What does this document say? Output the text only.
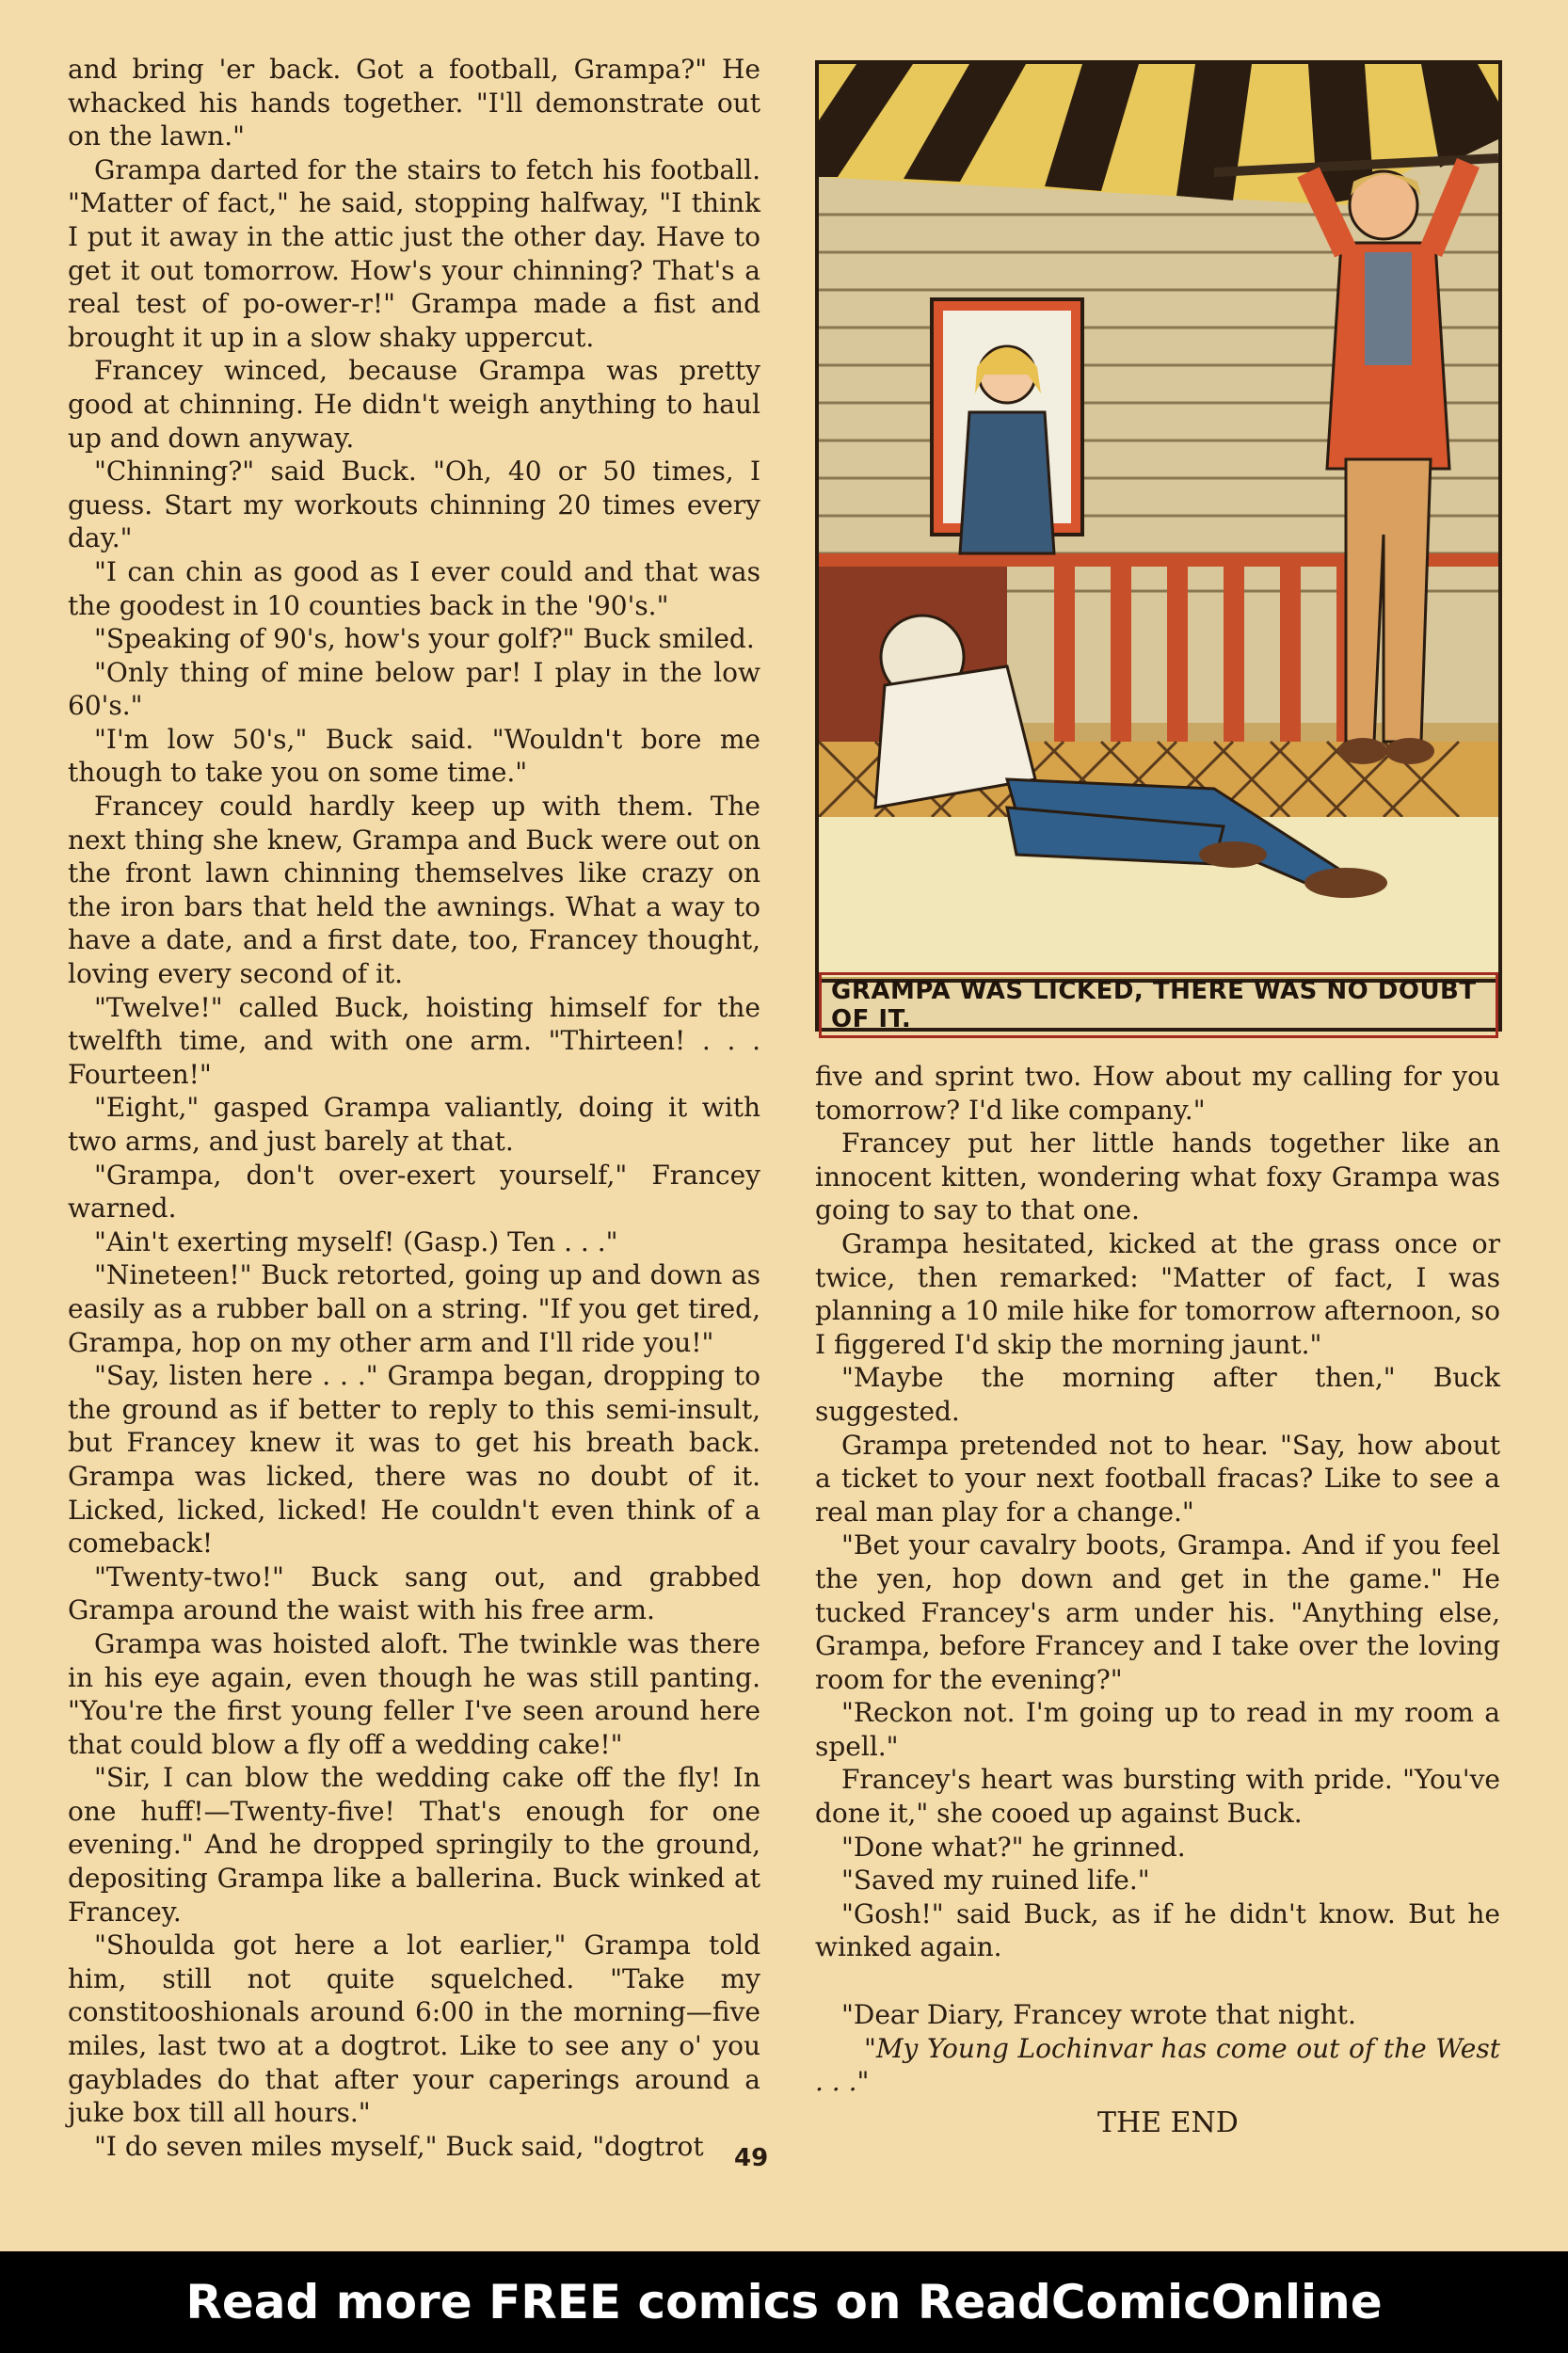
and bring 'er back. Got a football, Grampa?" He whacked his hands together. "I'll demonstrate out on the lawn."

Grampa darted for the stairs to fetch his football. "Matter of fact," he said, stopping halfway, "I think I put it away in the attic just the other day. Have to get it out tomorrow. How's your chinning? That's a real test of po-ower-r!" Grampa made a fist and brought it up in a slow shaky uppercut.

Francey winced, because Grampa was pretty good at chinning. He didn't weigh anything to haul up and down anyway.

"Chinning?" said Buck. "Oh, 40 or 50 times, I guess. Start my workouts chinning 20 times every day."

"I can chin as good as I ever could and that was the goodest in 10 counties back in the '90's."

"Speaking of 90's, how's your golf?" Buck smiled.

"Only thing of mine below par! I play in the low 60's."

"I'm low 50's," Buck said. "Wouldn't bore me though to take you on some time."

Francey could hardly keep up with them. The next thing she knew, Grampa and Buck were out on the front lawn chinning themselves like crazy on the iron bars that held the awnings. What a way to have a date, and a first date, too, Francey thought, loving every second of it.

"Twelve!" called Buck, hoisting himself for the twelfth time, and with one arm. "Thirteen! . . . Fourteen!"

"Eight," gasped Grampa valiantly, doing it with two arms, and just barely at that.

"Grampa, don't over-exert yourself," Francey warned.

"Ain't exerting myself! (Gasp.) Ten . . ."

"Nineteen!" Buck retorted, going up and down as easily as a rubber ball on a string. "If you get tired, Grampa, hop on my other arm and I'll ride you!"

"Say, listen here . . ." Grampa began, dropping to the ground as if better to reply to this semi-insult, but Francey knew it was to get his breath back. Grampa was licked, there was no doubt of it. Licked, licked, licked! He couldn't even think of a comeback!

"Twenty-two!" Buck sang out, and grabbed Grampa around the waist with his free arm.

Grampa was hoisted aloft. The twinkle was there in his eye again, even though he was still panting. "You're the first young feller I've seen around here that could blow a fly off a wedding cake!"

"Sir, I can blow the wedding cake off the fly! In one huff!—Twenty-five! That's enough for one evening." And he dropped springily to the ground, depositing Grampa like a ballerina. Buck winked at Francey.

"Shoulda got here a lot earlier," Grampa told him, still not quite squelched. "Take my constitooshionals around 6:00 in the morning—five miles, last two at a dogtrot. Like to see any o' you gayblades do that after your caperings around a juke box till all hours."

"I do seven miles myself," Buck said, "dogtrot

GRAMPA WAS LICKED, THERE WAS NO DOUBT OF IT.

five and sprint two. How about my calling for you tomorrow? I'd like company."

Francey put her little hands together like an innocent kitten, wondering what foxy Grampa was going to say to that one.

Grampa hesitated, kicked at the grass once or twice, then remarked: "Matter of fact, I was planning a 10 mile hike for tomorrow afternoon, so I figgered I'd skip the morning jaunt."

"Maybe the morning after then," Buck suggested.

Grampa pretended not to hear. "Say, how about a ticket to your next football fracas? Like to see a real man play for a change."

"Bet your cavalry boots, Grampa. And if you feel the yen, hop down and get in the game." He tucked Francey's arm under his. "Anything else, Grampa, before Francey and I take over the loving room for the evening?"

"Reckon not. I'm going up to read in my room a spell."

Francey's heart was bursting with pride. "You've done it," she cooed up against Buck.

"Done what?" he grinned.

"Saved my ruined life."

"Gosh!" said Buck, as if he didn't know. But he winked again.

"Dear Diary, Francey wrote that night.

"My Young Lochinvar has come out of the West . . ."

THE END

49
Read more FREE comics on ReadComicOnline
